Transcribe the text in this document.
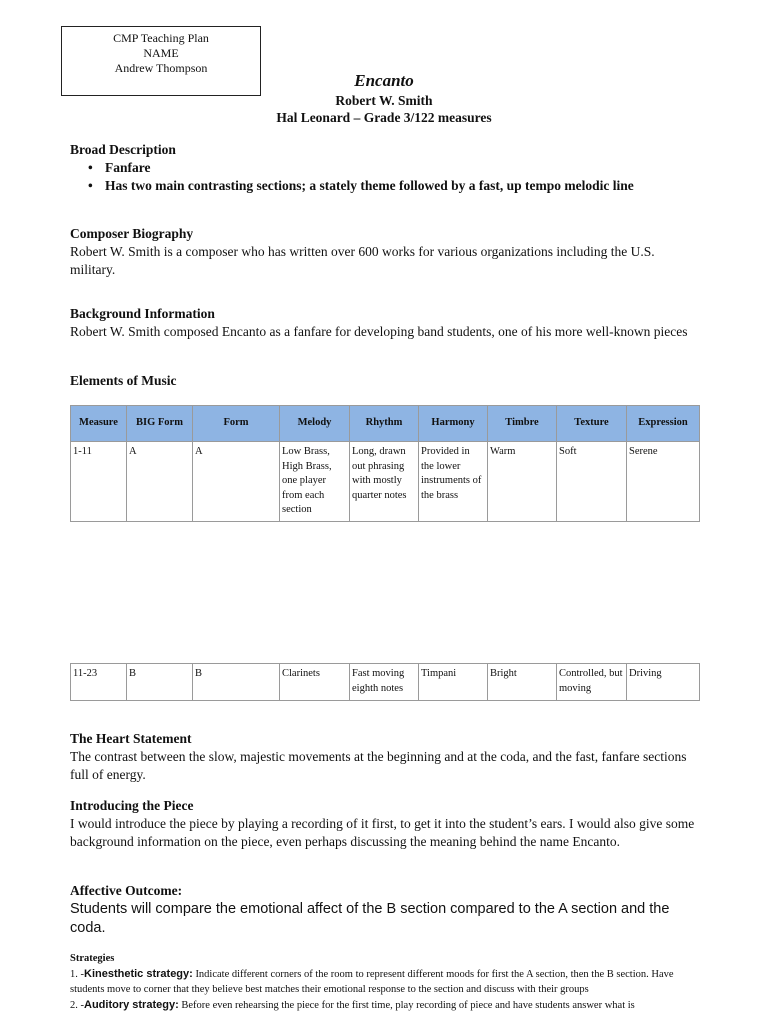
CMP Teaching Plan
NAME
Andrew Thompson
Encanto
Robert W. Smith
Hal Leonard – Grade 3/122 measures
Broad Description
• Fanfare
• Has two main contrasting sections; a stately theme followed by a fast, up tempo melodic line
Composer Biography
Robert W. Smith is a composer who has written over 600 works for various organizations including the U.S. military.
Background Information
Robert W. Smith composed Encanto as a fanfare for developing band students, one of his more well-known pieces
Elements of Music
Measure	BIG Form	Form	Melody	Rhythm	Harmony	Timbre	Texture	Expression
1-11	A	A	Low Brass, High Brass, one player from each section	Long, drawn out phrasing with mostly quarter notes	Provided in the lower instruments of the brass	Warm	Soft	Serene
11-23	B	B	Clarinets	Fast moving eighth notes	Timpani	Bright	Controlled, but moving	Driving
The Heart Statement
The contrast between the slow, majestic movements at the beginning and at the coda, and the fast, fanfare sections full of energy.
Introducing the Piece
I would introduce the piece by playing a recording of it first, to get it into the student’s ears. I would also give some background information on the piece, even perhaps discussing the meaning behind the name Encanto.
Affective Outcome:
Students will compare the emotional affect of the B section compared to the A section and the coda.
Strategies
1. -Kinesthetic strategy: Indicate different corners of the room to represent different moods for first the A section, then the B section. Have students move to corner that they believe best matches their emotional response to the section and discuss with their groups
2. -Auditory strategy: Before even rehearsing the piece for the first time, play recording of piece and have students answer what is
